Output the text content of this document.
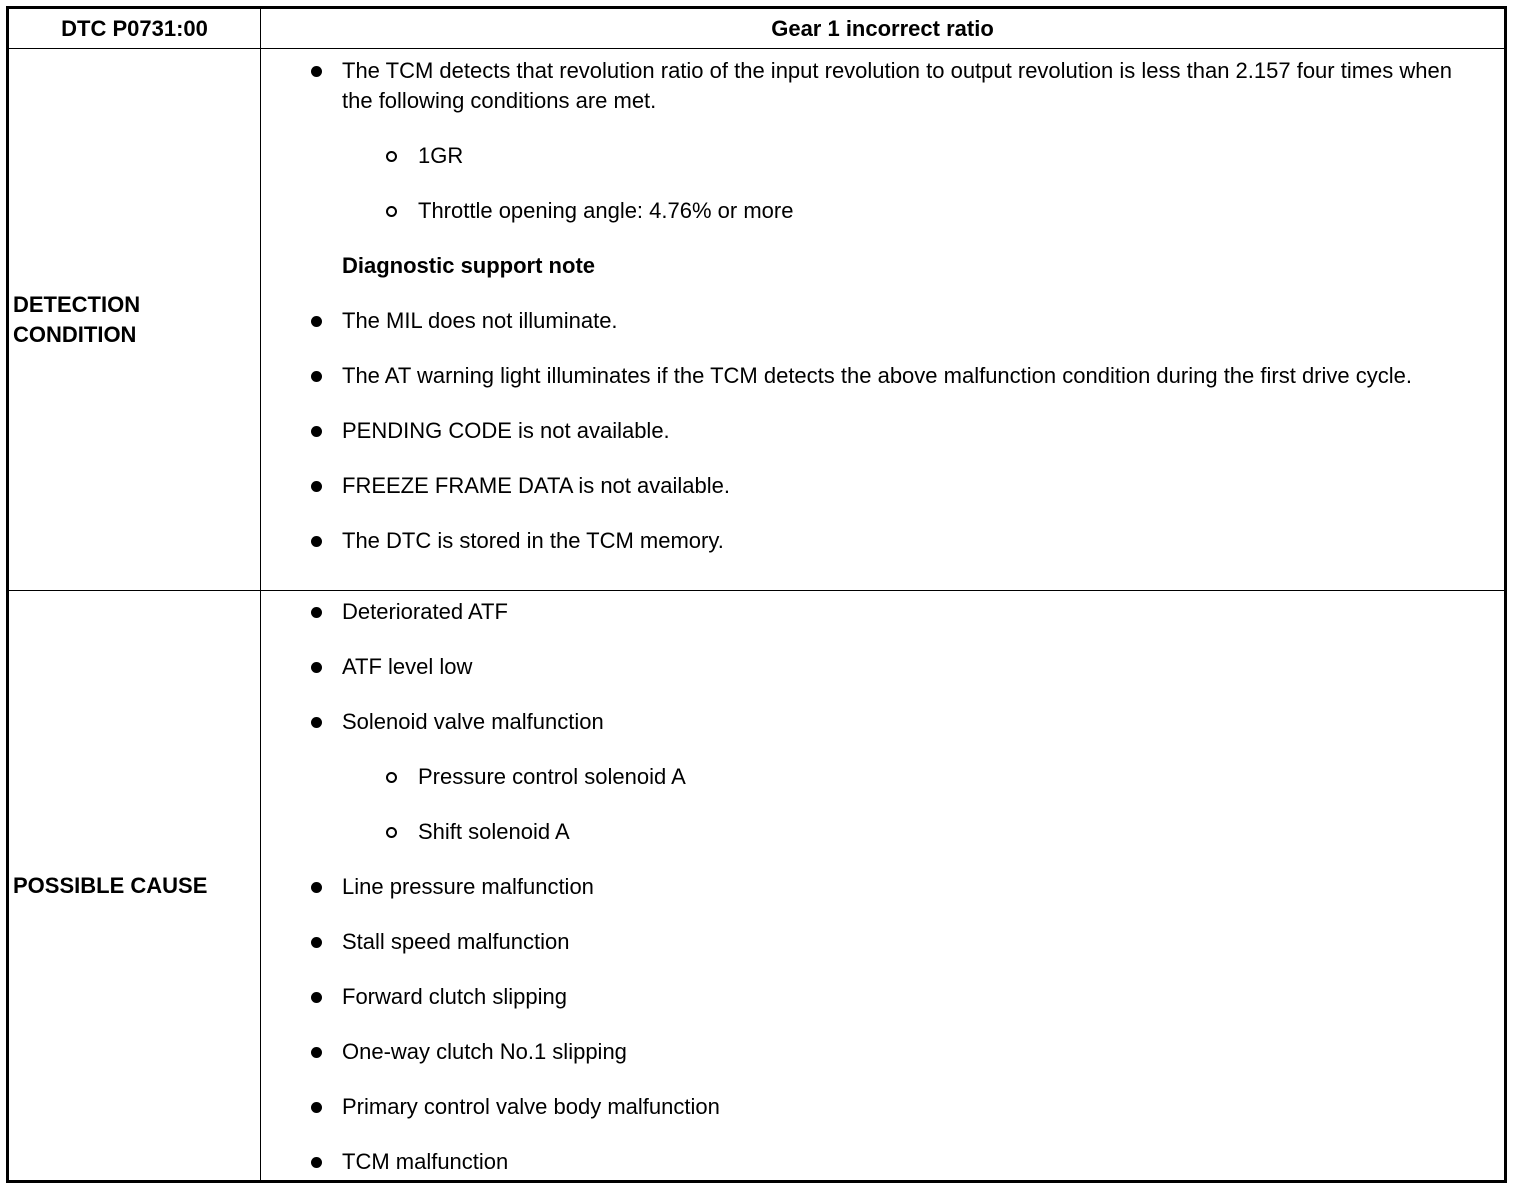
DTC P0731:00	Gear 1 incorrect ratio
DETECTION
CONDITION
The TCM detects that revolution ratio of the input revolution to output revolution is less than 2.157 four times when the following conditions are met.
1GR
Throttle opening angle: 4.76% or more
Diagnostic support note
The MIL does not illuminate.
The AT warning light illuminates if the TCM detects the above malfunction condition during the first drive cycle.
PENDING CODE is not available.
FREEZE FRAME DATA is not available.
The DTC is stored in the TCM memory.
POSSIBLE CAUSE
Deteriorated ATF
ATF level low
Solenoid valve malfunction
Pressure control solenoid A
Shift solenoid A
Line pressure malfunction
Stall speed malfunction
Forward clutch slipping
One-way clutch No.1 slipping
Primary control valve body malfunction
TCM malfunction
